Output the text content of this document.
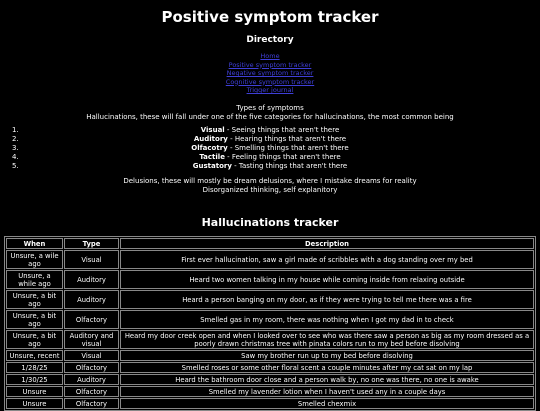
Positive symptom tracker
Directory
Home
Positive symptom tracker
Negative symptom tracker
Cognitive symptom tracker
Trigger journal
Types of symptoms
Hallucinations, these will fall under one of the five categories for hallucinations, the most common being
1.	Visual - Seeing things that aren't there
2.	Auditory - Hearing things that aren't there
3.	Olfacotry - Smelling things that aren't there
4.	Tactile - Feeling things that aren't there
5.	Gustatory - Tasting things that aren't there
Delusions, these will mostly be dream delusions, where I mistake dreams for reality
Disorganized thinking, self explanitory
Hallucinations tracker
When	Type	Description
Unsure, a wile ago	Visual	First ever hallucination, saw a girl made of scribbles with a dog standing over my bed
Unsure, a while ago	Auditory	Heard two women talking in my house while coming inside from relaxing outside
Unsure, a bit ago	Auditory	Heard a person banging on my door, as if they were trying to tell me there was a fire
Unsure, a bit ago	Olfactory	Smelled gas in my room, there was nothing when I got my dad in to check
Unsure, a bit ago	Auditory and visual	Heard my door creek open and when I looked over to see who was there saw a person as big as my room dressed as a poorly drawn christmas tree with pinata colors run to my bed before disolving
Unsure, recent	Visual	Saw my brother run up to my bed before disolving
1/28/25	Olfactory	Smelled roses or some other floral scent a couple minutes after my cat sat on my lap
1/30/25	Auditory	Heard the bathroom door close and a person walk by, no one was there, no one is awake
Unsure	Olfactory	Smelled my lavender lotion when I haven't used any in a couple days
Unsure	Olfactory	Smelled chexmix
